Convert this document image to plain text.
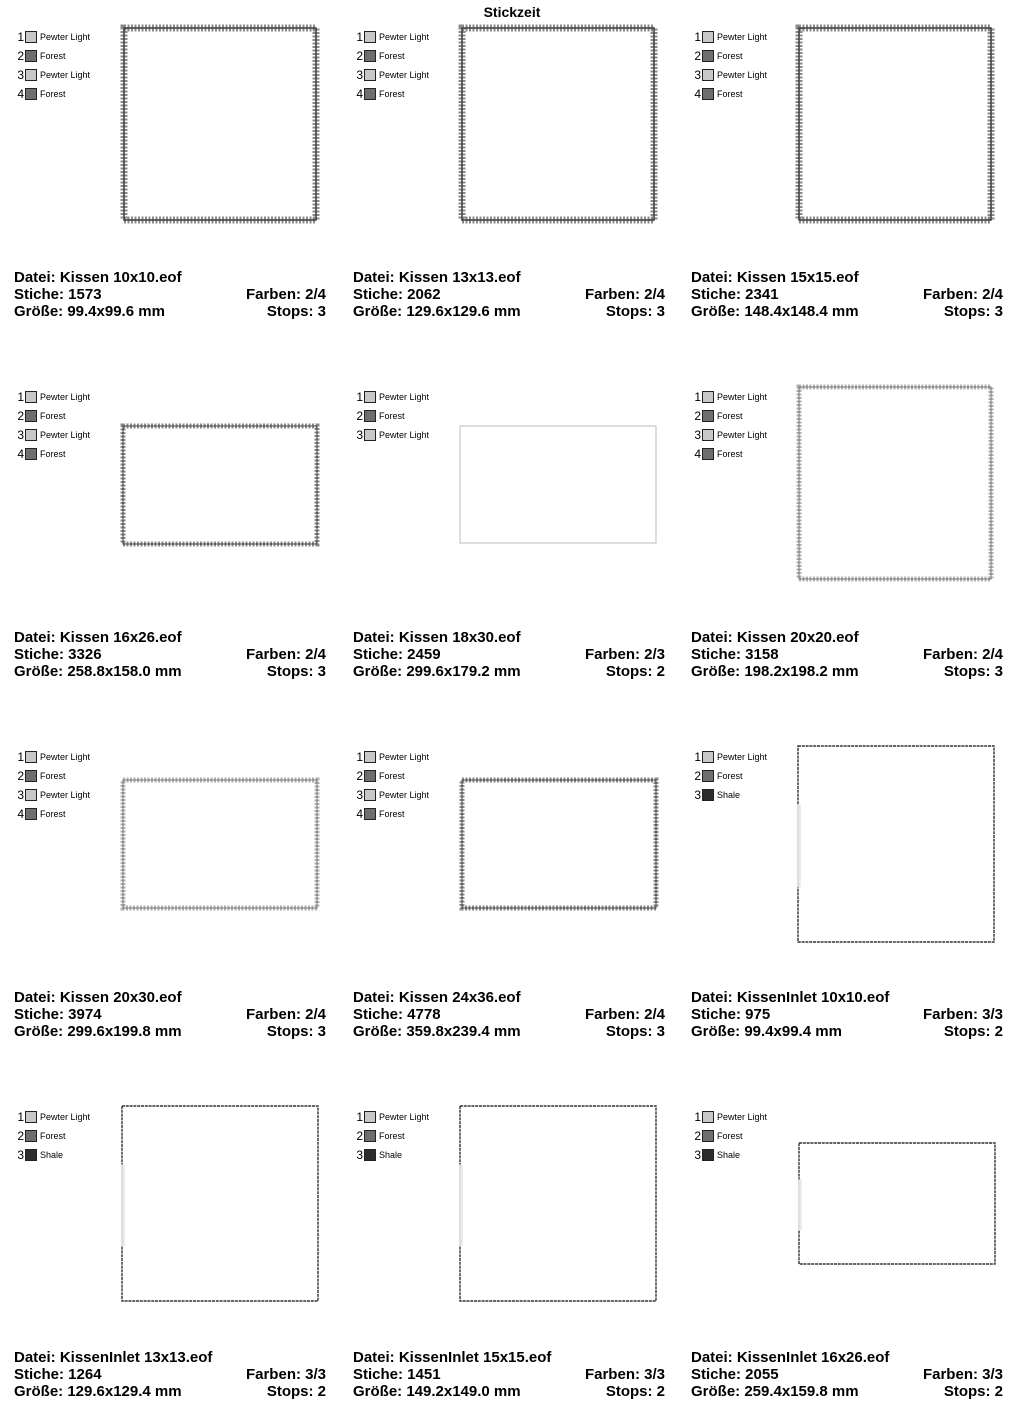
Stickzeit
1 Pewter Light
2 Forest
3 Pewter Light
4 Forest
Datei: Kissen 10x10.eof
Stiche: 1573	Farben: 2/4
Größe: 99.4x99.6 mm	Stops: 3
1 Pewter Light
2 Forest
3 Pewter Light
4 Forest
Datei: Kissen 13x13.eof
Stiche: 2062	Farben: 2/4
Größe: 129.6x129.6 mm	Stops: 3
1 Pewter Light
2 Forest
3 Pewter Light
4 Forest
Datei: Kissen 15x15.eof
Stiche: 2341	Farben: 2/4
Größe: 148.4x148.4 mm	Stops: 3
1 Pewter Light
2 Forest
3 Pewter Light
4 Forest
Datei: Kissen 16x26.eof
Stiche: 3326	Farben: 2/4
Größe: 258.8x158.0 mm	Stops: 3
1 Pewter Light
2 Forest
3 Pewter Light
Datei: Kissen 18x30.eof
Stiche: 2459	Farben: 2/3
Größe: 299.6x179.2 mm	Stops: 2
1 Pewter Light
2 Forest
3 Pewter Light
4 Forest
Datei: Kissen 20x20.eof
Stiche: 3158	Farben: 2/4
Größe: 198.2x198.2 mm	Stops: 3
1 Pewter Light
2 Forest
3 Pewter Light
4 Forest
Datei: Kissen 20x30.eof
Stiche: 3974	Farben: 2/4
Größe: 299.6x199.8 mm	Stops: 3
1 Pewter Light
2 Forest
3 Pewter Light
4 Forest
Datei: Kissen 24x36.eof
Stiche: 4778	Farben: 2/4
Größe: 359.8x239.4 mm	Stops: 3
1 Pewter Light
2 Forest
3 Shale
Datei: KissenInlet 10x10.eof
Stiche: 975	Farben: 3/3
Größe: 99.4x99.4 mm	Stops: 2
1 Pewter Light
2 Forest
3 Shale
Datei: KissenInlet 13x13.eof
Stiche: 1264	Farben: 3/3
Größe: 129.6x129.4 mm	Stops: 2
1 Pewter Light
2 Forest
3 Shale
Datei: KissenInlet 15x15.eof
Stiche: 1451	Farben: 3/3
Größe: 149.2x149.0 mm	Stops: 2
1 Pewter Light
2 Forest
3 Shale
Datei: KissenInlet 16x26.eof
Stiche: 2055	Farben: 3/3
Größe: 259.4x159.8 mm	Stops: 2
